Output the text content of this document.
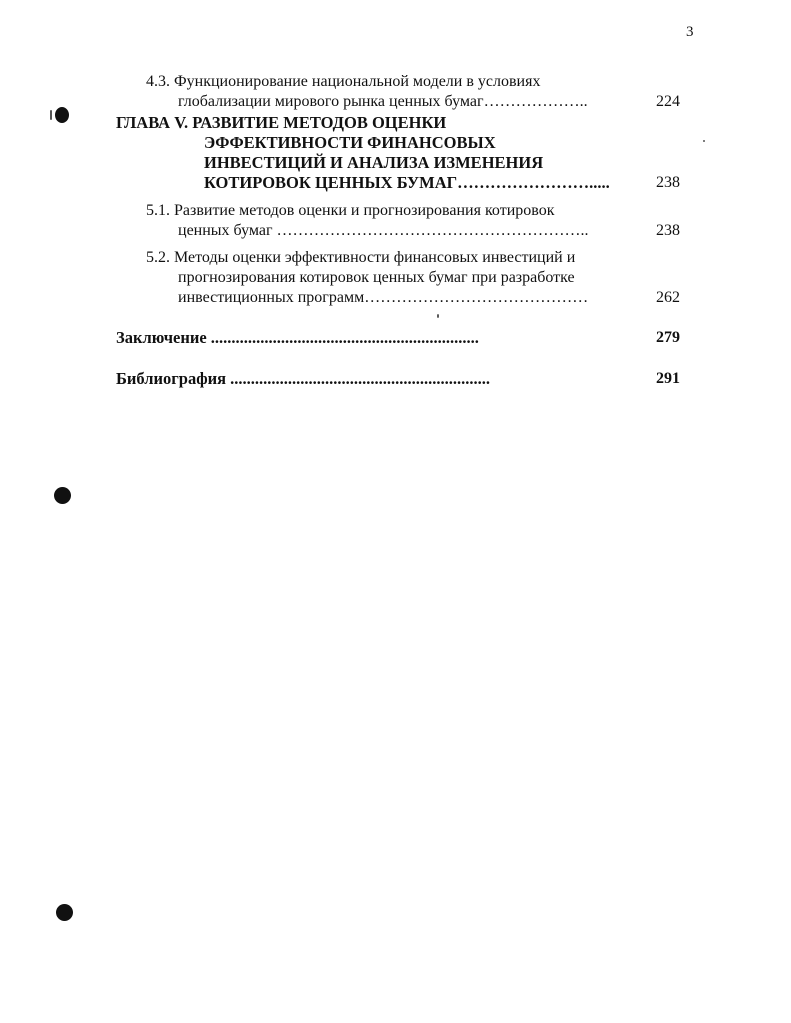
3
4.3. Функционирование национальной модели в условиях
глобализации мирового рынка ценных бумаг………………..	224
ГЛАВА V. РАЗВИТИЕ МЕТОДОВ ОЦЕНКИ
ЭФФЕКТИВНОСТИ ФИНАНСОВЫХ
ИНВЕСТИЦИЙ И АНАЛИЗА ИЗМЕНЕНИЯ
КОТИРОВОК ЦЕННЫХ БУМАГ…………………….....	238
5.1. Развитие методов оценки и прогнозирования котировок
ценных бумаг …………………………………………………..	238
5.2. Методы оценки эффективности финансовых инвестиций и
прогнозирования котировок ценных бумаг при разработке
инвестиционных программ……………………………………	262
Заключение .................................................................	279
Библиография ...............................................................	291
